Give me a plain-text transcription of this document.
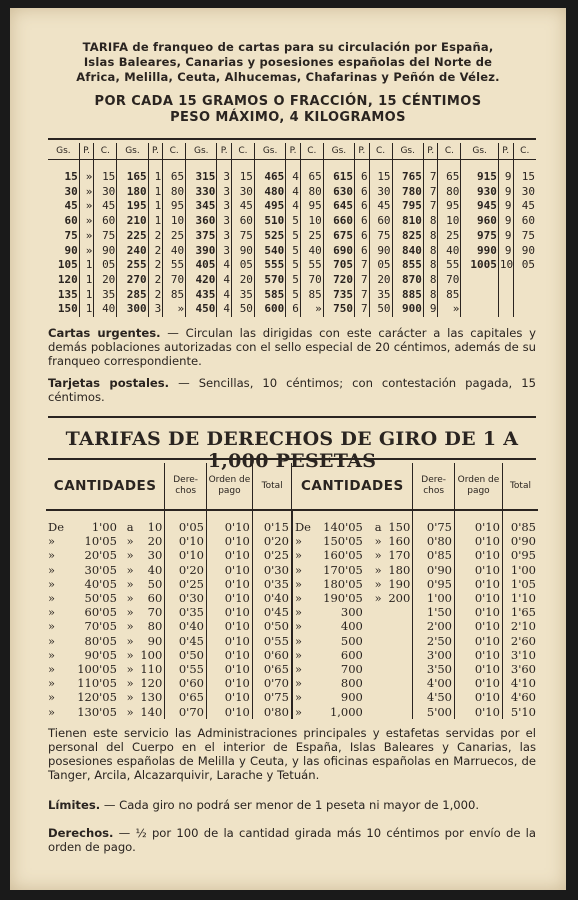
TARIFA de franqueo de cartas para su circulación por España,
Islas Baleares, Canarias y posesiones españolas del Norte de
Africa, Melilla, Ceuta, Alhucemas, Chafarinas y Peñón de Vélez.
POR CADA 15 GRAMOS O FRACCIÓN, 15 CÉNTIMOS
PESO MÁXIMO, 4 KILOGRAMOS
Gs.	P.	C.	Gs.	P.	C.	Gs.	P.	C.	Gs.	P.	C.	Gs.	P.	C.	Gs.	P.	C.	Gs.	P.	C.
15	»	15	165	1	65	315	3	15	465	4	65	615	6	15	765	7	65	915	9	15
30	»	30	180	1	80	330	3	30	480	4	80	630	6	30	780	7	80	930	9	30
45	»	45	195	1	95	345	3	45	495	4	95	645	6	45	795	7	95	945	9	45
60	»	60	210	1	10	360	3	60	510	5	10	660	6	60	810	8	10	960	9	60
75	»	75	225	2	25	375	3	75	525	5	25	675	6	75	825	8	25	975	9	75
90	»	90	240	2	40	390	3	90	540	5	40	690	6	90	840	8	40	990	9	90
105	1	05	255	2	55	405	4	05	555	5	55	705	7	05	855	8	55	1005	10	05
120	1	20	270	2	70	420	4	20	570	5	70	720	7	20	870	8	70			
135	1	35	285	2	85	435	4	35	585	5	85	735	7	35	885	8	85			
150	1	40	300	3	»	450	4	50	600	6	»	750	7	50	900	9	»			
Cartas urgentes. — Circulan las dirigidas con este carácter a las capitales y demás poblaciones autorizadas con el sello especial de 20 céntimos, además de su franqueo correspondiente.
Tarjetas postales. — Sencillas, 10 céntimos; con contestación pagada, 15 céntimos.
TARIFAS DE DERECHOS DE GIRO DE 1 A 1,000 PESETAS
CANTIDADES				Dere- chos	Orden de pago	Total	CANTIDADES				Dere- chos	Orden de pago	Total
De	1'00	a	10	0'05	0'10	0'15	De	140'05	a	150	0'75	0'10	0'85
»	10'05	»	20	0'10	0'10	0'20	»	150'05	»	160	0'80	0'10	0'90
»	20'05	»	30	0'10	0'10	0'25	»	160'05	»	170	0'85	0'10	0'95
»	30'05	»	40	0'20	0'10	0'30	»	170'05	»	180	0'90	0'10	1'00
»	40'05	»	50	0'25	0'10	0'35	»	180'05	»	190	0'95	0'10	1'05
»	50'05	»	60	0'30	0'10	0'40	»	190'05	»	200	1'00	0'10	1'10
»	60'05	»	70	0'35	0'10	0'45	»	300			1'50	0'10	1'65
»	70'05	»	80	0'40	0'10	0'50	»	400			2'00	0'10	2'10
»	80'05	»	90	0'45	0'10	0'55	»	500			2'50	0'10	2'60
»	90'05	»	100	0'50	0'10	0'60	»	600			3'00	0'10	3'10
»	100'05	»	110	0'55	0'10	0'65	»	700			3'50	0'10	3'60
»	110'05	»	120	0'60	0'10	0'70	»	800			4'00	0'10	4'10
»	120'05	»	130	0'65	0'10	0'75	»	900			4'50	0'10	4'60
»	130'05	»	140	0'70	0'10	0'80	»	1,000			5'00	0'10	5'10
Tienen este servicio las Administraciones principales y estafetas servidas por el personal del Cuerpo en el interior de España, Islas Baleares y Canarias, las posesiones españolas de Melilla y Ceuta, y las oficinas españolas en Marruecos, de Tanger, Arcila, Alcazarquivir, Larache y Tetuán.
Límites. — Cada giro no podrá ser menor de 1 peseta ni mayor de 1,000.
Derechos. — ½ por 100 de la cantidad girada más 10 céntimos por envío de la orden de pago.
